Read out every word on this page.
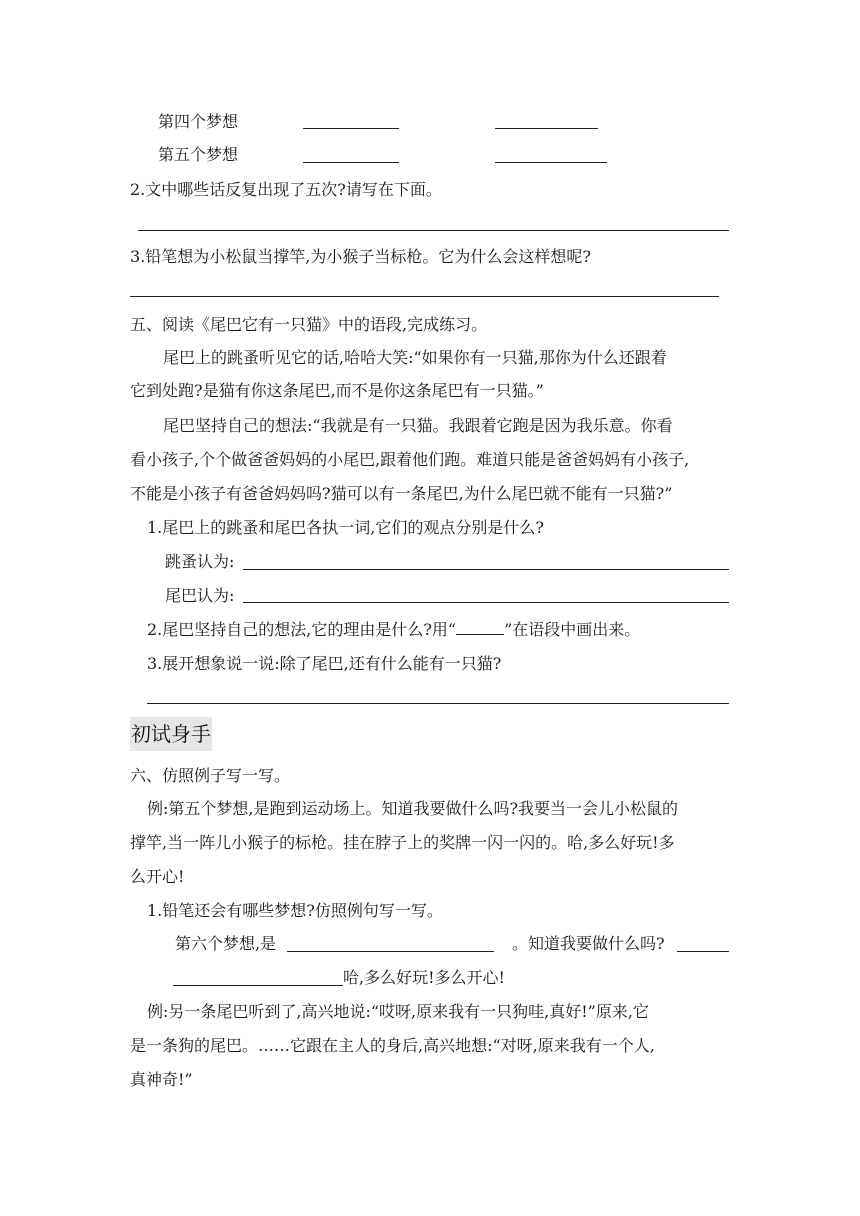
第四个梦想
第五个梦想
2.文中哪些话反复出现了五次?请写在下面。
3.铅笔想为小松鼠当撑竿,为小猴子当标枪。它为什么会这样想呢?
五、阅读《尾巴它有一只猫》中的语段,完成练习。
尾巴上的跳蚤听见它的话,哈哈大笑:“如果你有一只猫,那你为什么还跟着
它到处跑?是猫有你这条尾巴,而不是你这条尾巴有一只猫。”
尾巴坚持自己的想法:“我就是有一只猫。我跟着它跑是因为我乐意。你看
看小孩子,个个做爸爸妈妈的小尾巴,跟着他们跑。难道只能是爸爸妈妈有小孩子,
不能是小孩子有爸爸妈妈吗?猫可以有一条尾巴,为什么尾巴就不能有一只猫?”
1.尾巴上的跳蚤和尾巴各执一词,它们的观点分别是什么?
跳蚤认为:
尾巴认为:
2.尾巴坚持自己的想法,它的理由是什么?用“	”在语段中画出来。
3.展开想象说一说:除了尾巴,还有什么能有一只猫?
初试身手
六、仿照例子写一写。
例:第五个梦想,是跑到运动场上。知道我要做什么吗?我要当一会儿小松鼠的
撑竿,当一阵儿小猴子的标枪。挂在脖子上的奖牌一闪一闪的。哈,多么好玩!多
么开心!
1.铅笔还会有哪些梦想?仿照例句写一写。
第六个梦想,是	。知道我要做什么吗?
哈,多么好玩!多么开心!
例:另一条尾巴听到了,高兴地说:“哎呀,原来我有一只狗哇,真好!”原来,它
是一条狗的尾巴。……它跟在主人的身后,高兴地想:“对呀,原来我有一个人,
真神奇!”
